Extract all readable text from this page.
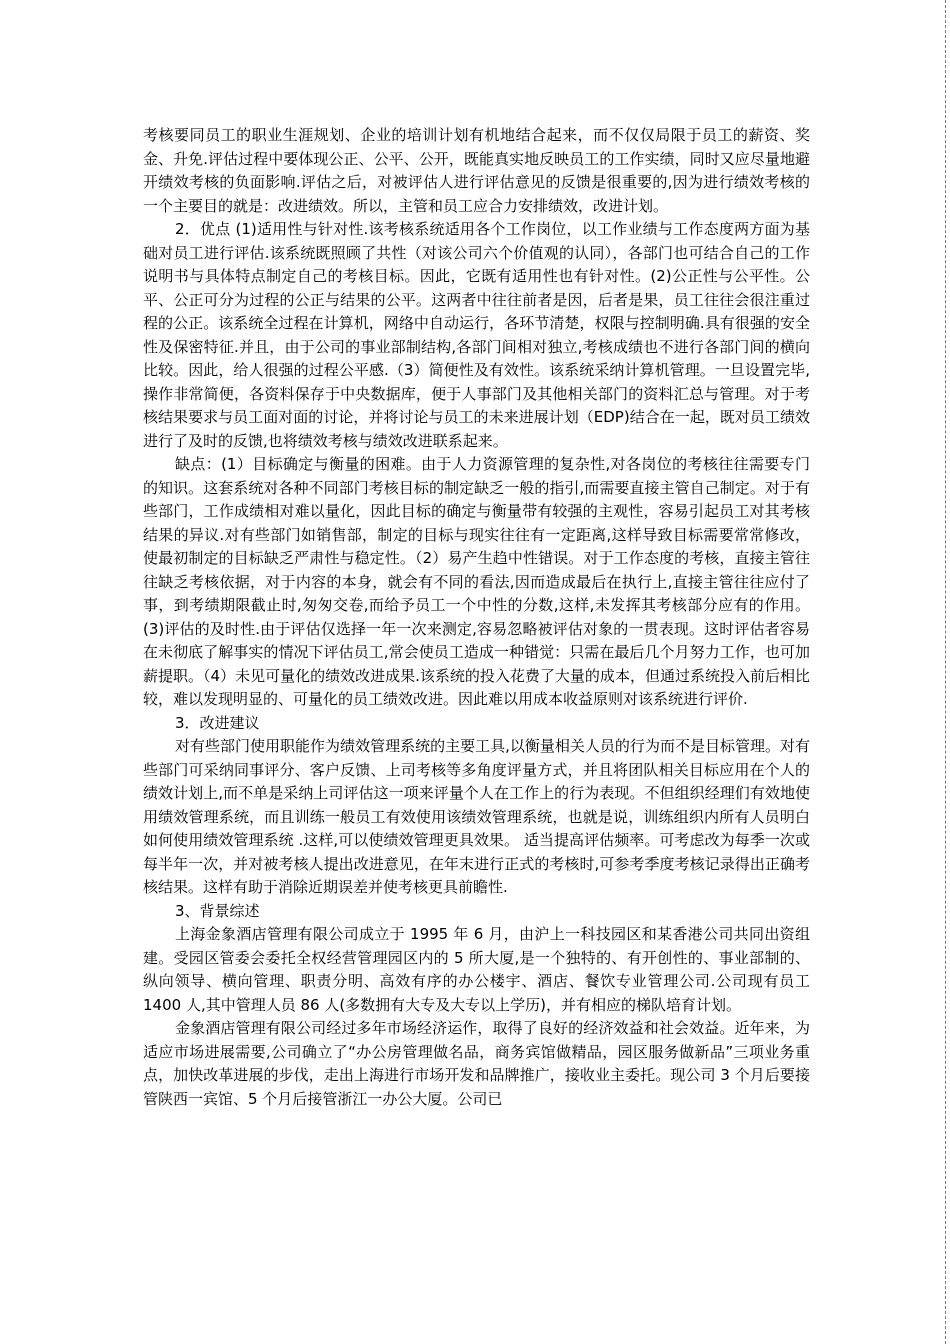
考核要同员工的职业生涯规划、企业的培训计划有机地结合起来，而不仅仅局限于员工的薪资、奖金、升免.评估过程中要体现公正、公平、公开，既能真实地反映员工的工作实绩，同时又应尽量地避开绩效考核的负面影响.评估之后，对被评估人进行评估意见的反馈是很重要的,因为进行绩效考核的一个主要目的就是：改进绩效。所以，主管和员工应合力安排绩效，改进计划。

2．优点 (1)适用性与针对性.该考核系统适用各个工作岗位，以工作业绩与工作态度两方面为基础对员工进行评估.该系统既照顾了共性（对该公司六个价值观的认同），各部门也可结合自己的工作说明书与具体特点制定自己的考核目标。因此，它既有适用性也有针对性。(2)公正性与公平性。公平、公正可分为过程的公正与结果的公平。这两者中往往前者是因，后者是果，员工往往会很注重过程的公正。该系统全过程在计算机，网络中自动运行，各环节清楚，权限与控制明确.具有很强的安全性及保密特征.并且，由于公司的事业部制结构,各部门间相对独立,考核成绩也不进行各部门间的横向比较。因此，给人很强的过程公平感.（3）简便性及有效性。该系统采纳计算机管理。一旦设置完毕,操作非常简便，各资料保存于中央数据库，便于人事部门及其他相关部门的资料汇总与管理。对于考核结果要求与员工面对面的讨论，并将讨论与员工的未来进展计划（EDP)结合在一起，既对员工绩效进行了及时的反馈,也将绩效考核与绩效改进联系起来。

缺点：(1）目标确定与衡量的困难。由于人力资源管理的复杂性,对各岗位的考核往往需要专门的知识。这套系统对各种不同部门考核目标的制定缺乏一般的指引,而需要直接主管自己制定。对于有些部门，工作成绩相对难以量化，因此目标的确定与衡量带有较强的主观性，容易引起员工对其考核结果的异议.对有些部门如销售部，制定的目标与现实往往有一定距离,这样导致目标需要常常修改，使最初制定的目标缺乏严肃性与稳定性。（2）易产生趋中性错误。对于工作态度的考核，直接主管往往缺乏考核依据，对于内容的本身，就会有不同的看法,因而造成最后在执行上,直接主管往往应付了事，到考绩期限截止时,匆匆交卷,而给予员工一个中性的分数,这样,未发挥其考核部分应有的作用。(3)评估的及时性.由于评估仅选择一年一次来测定,容易忽略被评估对象的一贯表现。这时评估者容易在未彻底了解事实的情况下评估员工,常会使员工造成一种错觉：只需在最后几个月努力工作，也可加薪提职。（4）未见可量化的绩效改进成果.该系统的投入花费了大量的成本，但通过系统投入前后相比较，难以发现明显的、可量化的员工绩效改进。因此难以用成本收益原则对该系统进行评价.

3．改进建议

对有些部门使用职能作为绩效管理系统的主要工具,以衡量相关人员的行为而不是目标管理。对有些部门可采纳同事评分、客户反馈、上司考核等多角度评量方式，并且将团队相关目标应用在个人的绩效计划上,而不单是采纳上司评估这一项来评量个人在工作上的行为表现。不但组织经理们有效地使用绩效管理系统，而且训练一般员工有效使用该绩效管理系统，也就是说，训练组织内所有人员明白如何使用绩效管理系统 .这样,可以使绩效管理更具效果。 适当提高评估频率。可考虑改为每季一次或每半年一次，并对被考核人提出改进意见，在年末进行正式的考核时,可参考季度考核记录得出正确考核结果。这样有助于消除近期误差并使考核更具前瞻性.

3、背景综述

上海金象酒店管理有限公司成立于 1995 年 6 月，由沪上一科技园区和某香港公司共同出资组建。受园区管委会委托全权经营管理园区内的 5 所大厦,是一个独特的、有开创性的、事业部制的、纵向领导、横向管理、职责分明、高效有序的办公楼宇、酒店、餐饮专业管理公司.公司现有员工 1400 人,其中管理人员 86 人(多数拥有大专及大专以上学历)，并有相应的梯队培育计划。

金象酒店管理有限公司经过多年市场经济运作，取得了良好的经济效益和社会效益。近年来，为适应市场进展需要,公司确立了“办公房管理做名品，商务宾馆做精品，园区服务做新品”三项业务重点，加快改革进展的步伐，走出上海进行市场开发和品牌推广，接收业主委托。现公司 3 个月后要接管陕西一宾馆、5 个月后接管浙江一办公大厦。公司已
